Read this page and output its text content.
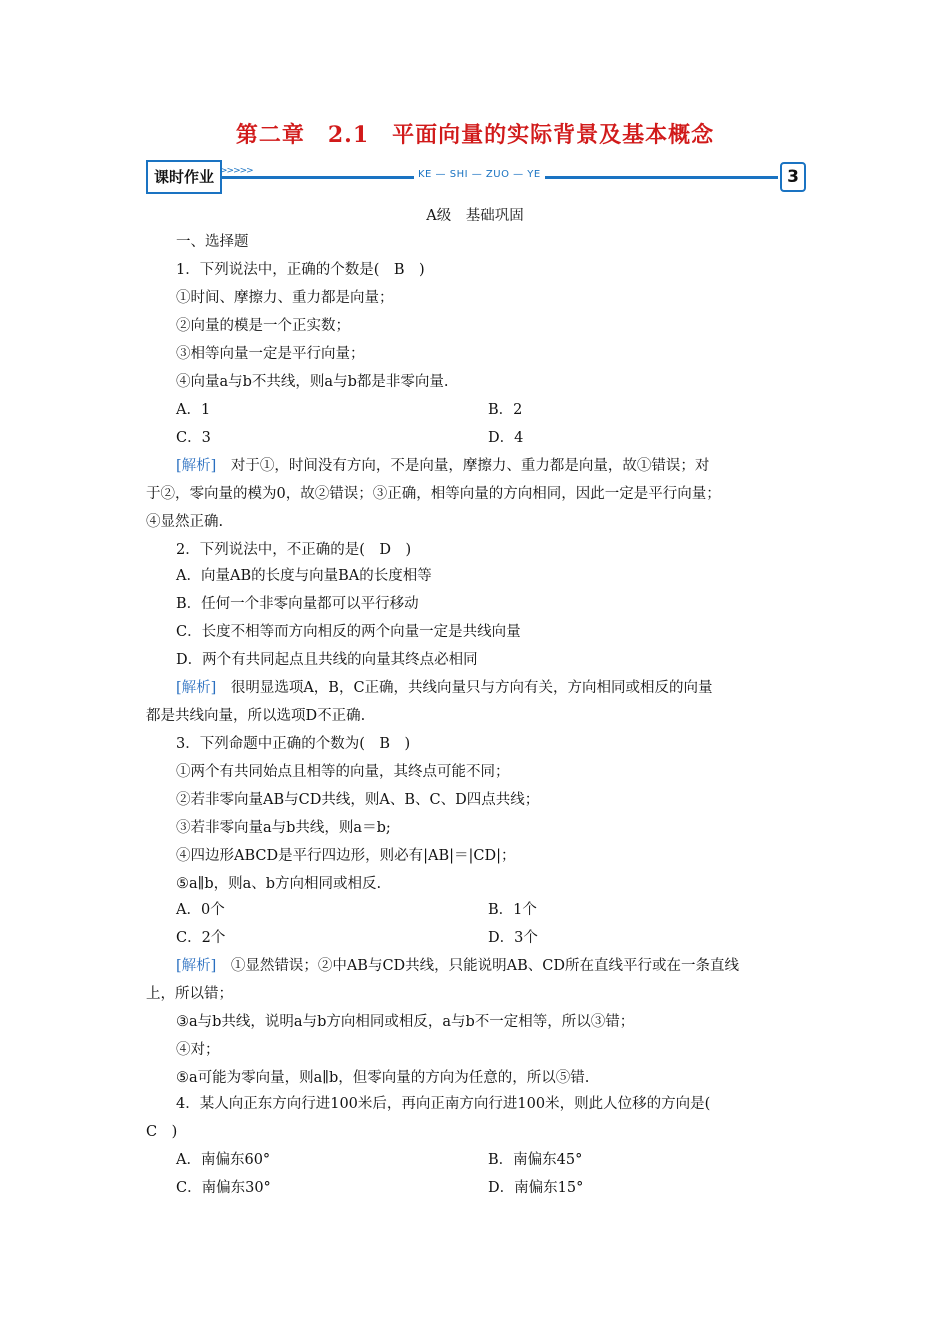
第二章　2.1　平面向量的实际背景及基本概念
课时作业 >>>>>	KE — SHI — ZUO — YE	3
A级　基础巩固
一、选择题
1．下列说法中，正确的个数是(　B　)
①时间、摩擦力、重力都是向量；
②向量的模是一个正实数；
③相等向量一定是平行向量；
④向量a与b不共线，则a与b都是非零向量.
A．1	B．2
C．3	D．4
[解析]　对于①，时间没有方向，不是向量，摩擦力、重力都是向量，故①错误；对
于②，零向量的模为0，故②错误；③正确，相等向量的方向相同，因此一定是平行向量；
④显然正确.
2．下列说法中，不正确的是(　D　)
A．向量AB的长度与向量BA的长度相等
B．任何一个非零向量都可以平行移动
C．长度不相等而方向相反的两个向量一定是共线向量
D．两个有共同起点且共线的向量其终点必相同
[解析]　很明显选项A，B，C正确，共线向量只与方向有关，方向相同或相反的向量
都是共线向量，所以选项D不正确.
3．下列命题中正确的个数为(　B　)
①两个有共同始点且相等的向量，其终点可能不同；
②若非零向量AB与CD共线，则A、B、C、D四点共线；
③若非零向量a与b共线，则a＝b;
④四边形ABCD是平行四边形，则必有|AB|＝|CD|；
⑤a∥b，则a、b方向相同或相反.
A．0个	B．1个
C．2个	D．3个
[解析]　①显然错误；②中AB与CD共线，只能说明AB、CD所在直线平行或在一条直线
上，所以错；
③a与b共线，说明a与b方向相同或相反，a与b不一定相等，所以③错；
④对；
⑤a可能为零向量，则a∥b，但零向量的方向为任意的，所以⑤错.
4．某人向正东方向行进100米后，再向正南方向行进100米，则此人位移的方向是(
C　)
A．南偏东60°	B．南偏东45°
C．南偏东30°	D．南偏东15°
